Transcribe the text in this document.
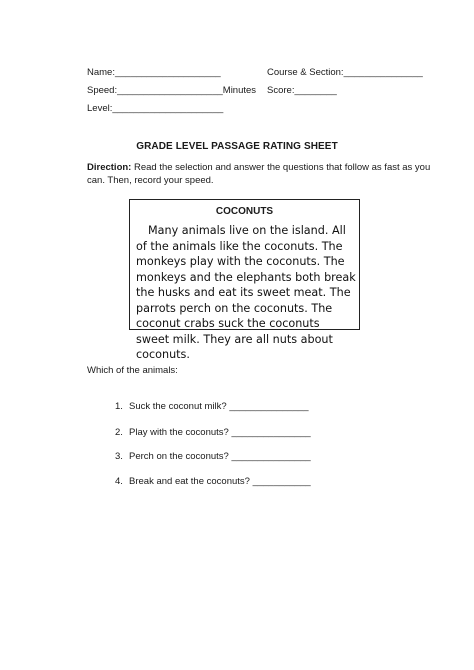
Name:____________________	Course & Section:_______________
Speed:____________________Minutes Score:________
Level:_____________________
GRADE LEVEL PASSAGE RATING SHEET
Direction: Read the selection and answer the questions that follow as fast as you can. Then, record your speed.
COCONUTS
Many animals live on the island. All of the animals like the coconuts. The monkeys play with the coconuts. The monkeys and the elephants both break the husks and eat its sweet meat. The parrots perch on the coconuts. The coconut crabs suck the coconuts sweet milk. They are all nuts about coconuts.
Which of the animals:
1. Suck the coconut milk? _______________
2. Play with the coconuts? _______________
3. Perch on the coconuts? _______________
4. Break and eat the coconuts? ___________
